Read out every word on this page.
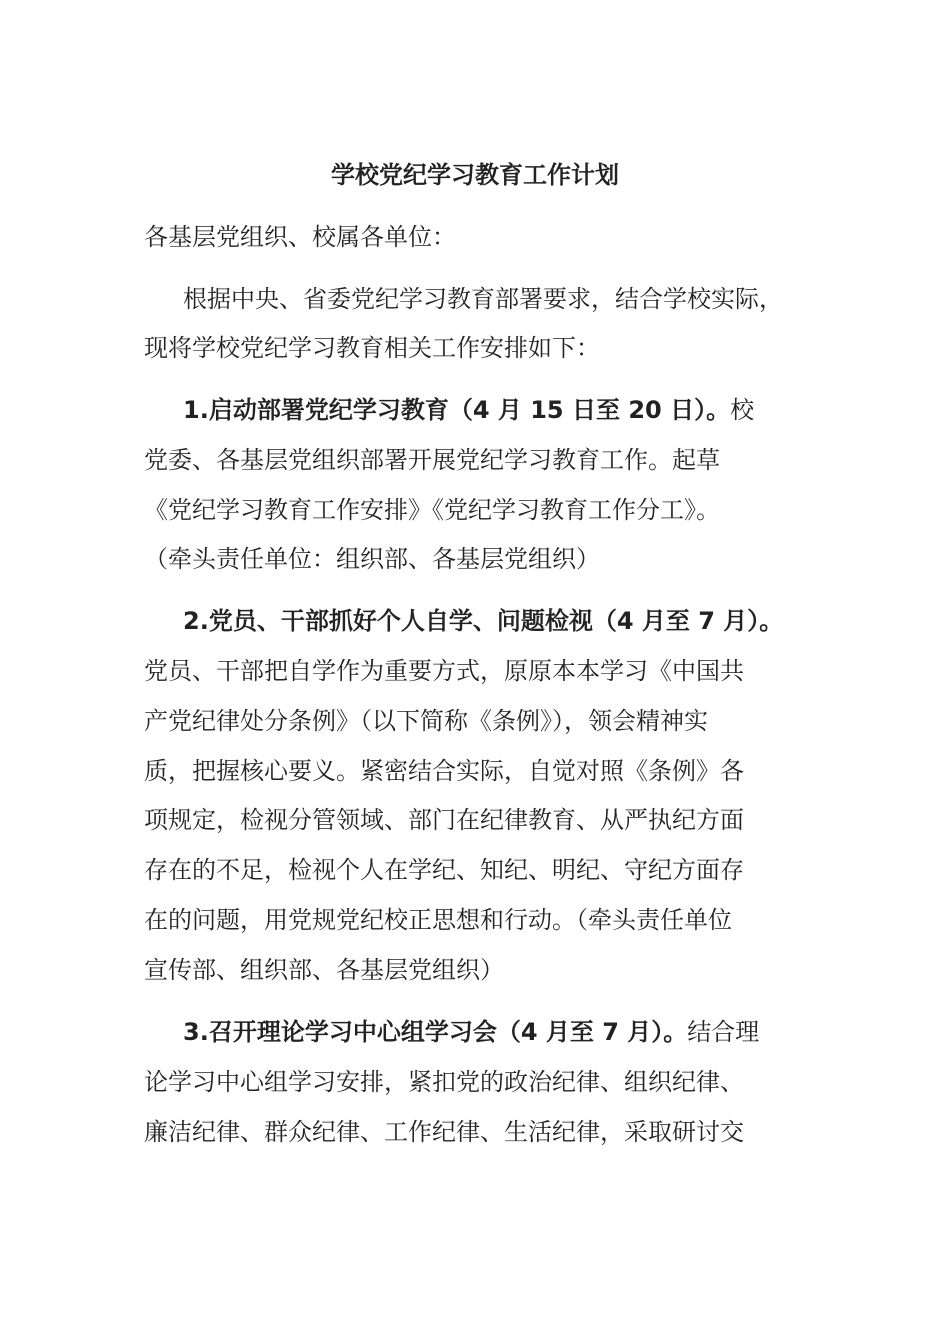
学校党纪学习教育工作计划
各基层党组织、校属各单位：
根据中央、省委党纪学习教育部署要求，结合学校实际，
现将学校党纪学习教育相关工作安排如下：
1.启动部署党纪学习教育（4 月 15 日至 20 日）。校
党委、各基层党组织部署开展党纪学习教育工作。起草
《党纪学习教育工作安排》《党纪学习教育工作分工》。
（牵头责任单位：组织部、各基层党组织）
2.党员、干部抓好个人自学、问题检视（4 月至 7 月）。
党员、干部把自学作为重要方式，原原本本学习《中国共
产党纪律处分条例》（以下简称《条例》），领会精神实
质，把握核心要义。紧密结合实际，自觉对照《条例》各
项规定，检视分管领域、部门在纪律教育、从严执纪方面
存在的不足，检视个人在学纪、知纪、明纪、守纪方面存
在的问题，用党规党纪校正思想和行动。（牵头责任单位
宣传部、组织部、各基层党组织）
3.召开理论学习中心组学习会（4 月至 7 月）。结合理
论学习中心组学习安排，紧扣党的政治纪律、组织纪律、
廉洁纪律、群众纪律、工作纪律、生活纪律，采取研讨交
